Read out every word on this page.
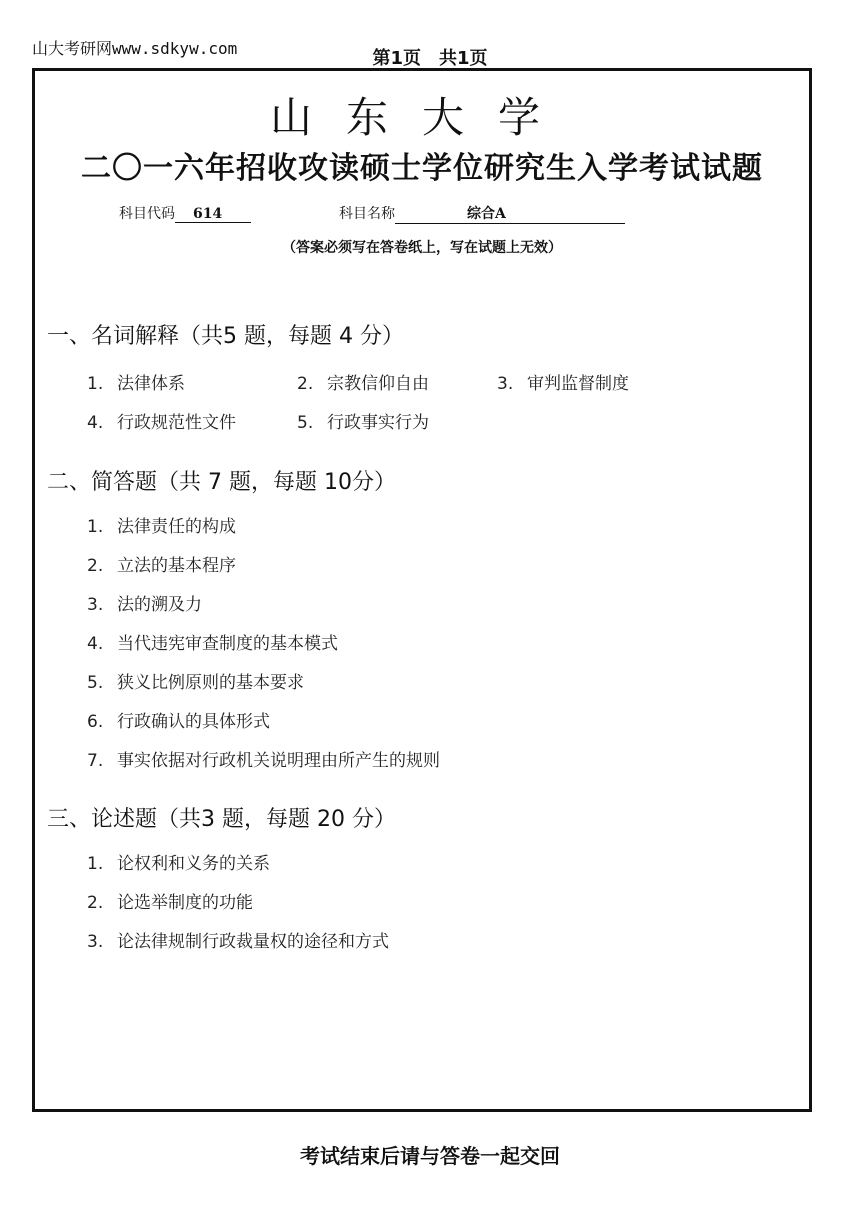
山大考研网www.sdkyw.com	第1页　共1页
山东大学
二〇一六年招收攻读硕士学位研究生入学考试试题
科目代码	614	科目名称	综合A
（答案必须写在答卷纸上，写在试题上无效）
一、名词解释（共5 题，每题 4 分）
1. 法律体系	2. 宗教信仰自由	3. 审判监督制度
4. 行政规范性文件	5. 行政事实行为
二、简答题（共 7 题，每题 10分）
1. 法律责任的构成
2. 立法的基本程序
3. 法的溯及力
4. 当代违宪审查制度的基本模式
5. 狭义比例原则的基本要求
6. 行政确认的具体形式
7. 事实依据对行政机关说明理由所产生的规则
三、论述题（共3 题，每题 20 分）
1. 论权利和义务的关系
2. 论选举制度的功能
3. 论法律规制行政裁量权的途径和方式
考试结束后请与答卷一起交回
